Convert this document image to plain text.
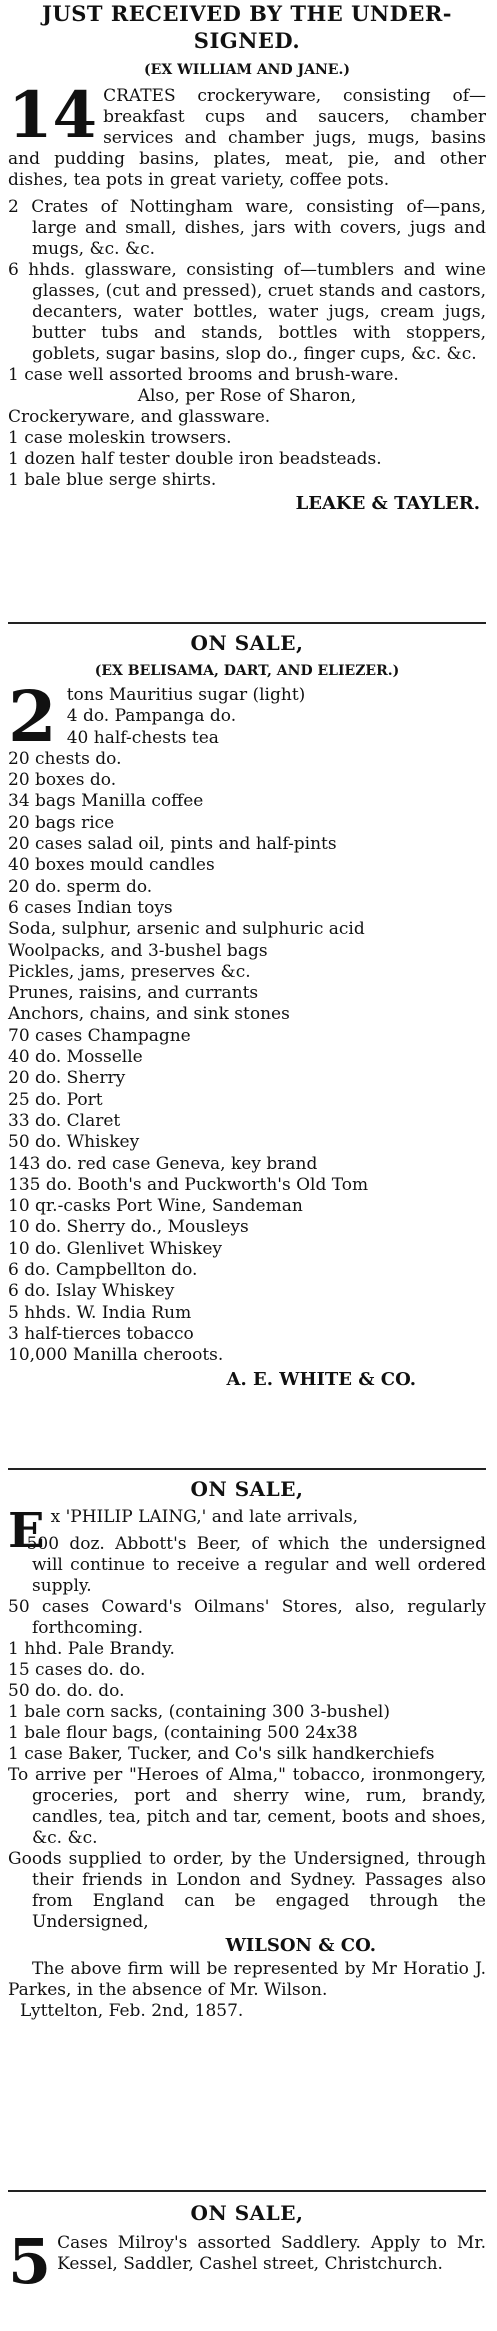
JUST RECEIVED BY THE UNDER-
SIGNED.
(EX WILLIAM AND JANE.)
14 CRATES crockeryware, consisting of—breakfast cups and saucers, chamber services and chamber jugs, mugs, basins and pudding basins, plates, meat, pie, and other dishes, tea pots in great variety, coffee pots.
2 Crates of Nottingham ware, consisting of—pans, large and small, dishes, jars with covers, jugs and mugs, &c. &c.
6 hhds. glassware, consisting of—tumblers and wine glasses, (cut and pressed), cruet stands and castors, decanters, water bottles, water jugs, cream jugs, butter tubs and stands, bottles with stoppers, goblets, sugar basins, slop do., finger cups, &c. &c.
1 case well assorted brooms and brush-ware.
Also, per Rose of Sharon,
Crockeryware, and glassware.
1 case moleskin trowsers.
1 dozen half tester double iron beadsteads.
1 bale blue serge shirts.
LEAKE & TAYLER.
ON SALE,
(EX BELISAMA, DART, AND ELIEZER.)
2 tons Mauritius sugar (light)
4 do. Pampanga do.
40 half-chests tea
20 chests do.
20 boxes do.
34 bags Manilla coffee
20 bags rice
20 cases salad oil, pints and half-pints
40 boxes mould candles
20 do. sperm do.
6 cases Indian toys
Soda, sulphur, arsenic and sulphuric acid
Woolpacks, and 3-bushel bags
Pickles, jams, preserves &c.
Prunes, raisins, and currants
Anchors, chains, and sink stones
70 cases Champagne
40 do. Mosselle
20 do. Sherry
25 do. Port
33 do. Claret
50 do. Whiskey
143 do. red case Geneva, key brand
135 do. Booth's and Puckworth's Old Tom
10 qr.-casks Port Wine, Sandeman
10 do. Sherry do., Mousleys
10 do. Glenlivet Whiskey
6 do. Campbellton do.
6 do. Islay Whiskey
5 hhds. W. India Rum
3 half-tierces tobacco
10,000 Manilla cheroots.
A. E. WHITE & CO.
ON SALE,
E x 'PHILIP LAING,' and late arrivals,
500 doz. Abbott's Beer, of which the undersigned will continue to receive a regular and well ordered supply.
50 cases Coward's Oilmans' Stores, also, regularly forthcoming.
1 hhd. Pale Brandy.
15 cases do. do.
50 do. do. do.
1 bale corn sacks, (containing 300 3-bushel)
1 bale flour bags, (containing 500 24x38
1 case Baker, Tucker, and Co's silk handkerchiefs
To arrive per "Heroes of Alma," tobacco, ironmongery, groceries, port and sherry wine, rum, brandy, candles, tea, pitch and tar, cement, boots and shoes, &c. &c.
Goods supplied to order, by the Undersigned, through their friends in London and Sydney. Passages also from England can be engaged through the Undersigned,
WILSON & CO.
The above firm will be represented by Mr Horatio J. Parkes, in the absence of Mr. Wilson.
Lyttelton, Feb. 2nd, 1857.
ON SALE,
5 Cases Milroy's assorted Saddlery. Apply to Mr. Kessel, Saddler, Cashel street, Christchurch.
